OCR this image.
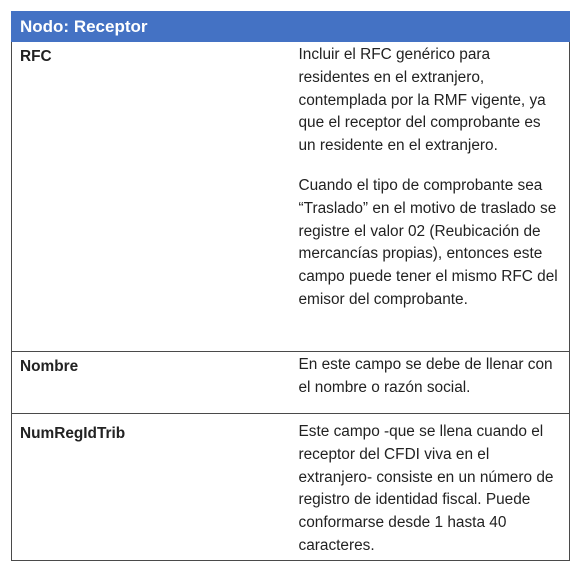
Nodo: Receptor	
RFC	Incluir el RFC genérico para residentes en el extranjero, contemplada por la RMF vigente, ya que el receptor del comprobante es un residente en el extranjero.

Cuando el tipo de comprobante sea “Traslado” en el motivo de traslado se registre el valor 02 (Reubicación de mercancías propias), entonces este campo puede tener el mismo RFC del emisor del comprobante.

Nombre	En este campo se debe de llenar con el nombre o razón social.

NumRegIdTrib	Este campo -que se llena cuando el receptor del CFDI viva en el extranjero- consiste en un número de registro de identidad fiscal. Puede conformarse desde 1 hasta 40 caracteres.
